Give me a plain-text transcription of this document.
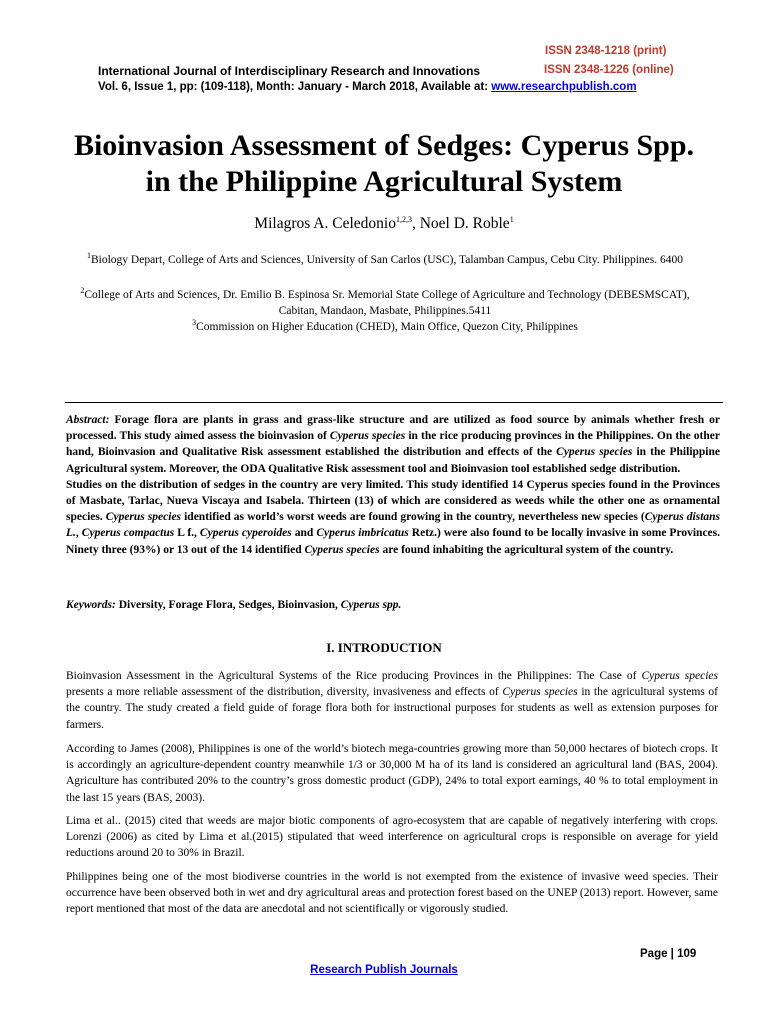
ISSN 2348-1218 (print)
International Journal of Interdisciplinary Research and Innovations	ISSN 2348-1226 (online)
Vol. 6, Issue 1, pp: (109-118), Month: January - March 2018, Available at: www.researchpublish.com
Bioinvasion Assessment of Sedges: Cyperus Spp.
in the Philippine Agricultural System
Milagros A. Celedonio$^{1,2,3}$, Noel D. Roble$^1$
$^1$Biology Depart, College of Arts and Sciences, University of San Carlos (USC), Talamban Campus, Cebu City. Philippines. 6400
$^2$College of Arts and Sciences, Dr. Emilio B. Espinosa Sr. Memorial State College of Agriculture and Technology (DEBESMSCAT), Cabitan, Mandaon, Masbate, Philippines.5411
$^3$Commission on Higher Education (CHED), Main Office, Quezon City, Philippines

Abstract: Forage flora are plants in grass and grass-like structure and are utilized as food source by animals whether fresh or processed. This study aimed assess the bioinvasion of Cyperus species in the rice producing provinces in the Philippines. On the other hand, Bioinvasion and Qualitative Risk assessment established the distribution and effects of the Cyperus species in the Philippine Agricultural system. Moreover, the ODA Qualitative Risk assessment tool and Bioinvasion tool established sedge distribution.

Studies on the distribution of sedges in the country are very limited. This study identified 14 Cyperus species found in the Provinces of Masbate, Tarlac, Nueva Viscaya and Isabela. Thirteen (13) of which are considered as weeds while the other one as ornamental species. Cyperus species identified as world’s worst weeds are found growing in the country, nevertheless new species (Cyperus distans L., Cyperus compactus L f., Cyperus cyperoides and Cyperus imbricatus Retz.) were also found to be locally invasive in some Provinces. Ninety three (93%) or 13 out of the 14 identified Cyperus species are found inhabiting the agricultural system of the country.

Keywords: Diversity, Forage Flora, Sedges, Bioinvasion, Cyperus spp.

I. INTRODUCTION

Bioinvasion Assessment in the Agricultural Systems of the Rice producing Provinces in the Philippines: The Case of Cyperus species presents a more reliable assessment of the distribution, diversity, invasiveness and effects of Cyperus species in the agricultural systems of the country. The study created a field guide of forage flora both for instructional purposes for students as well as extension purposes for farmers.

According to James (2008), Philippines is one of the world’s biotech mega-countries growing more than 50,000 hectares of biotech crops. It is accordingly an agriculture-dependent country meanwhile 1/3 or 30,000 M ha of its land is considered an agricultural land (BAS, 2004). Agriculture has contributed 20% to the country’s gross domestic product (GDP), 24% to total export earnings, 40 % to total employment in the last 15 years (BAS, 2003).

Lima et al.. (2015) cited that weeds are major biotic components of agro-ecosystem that are capable of negatively interfering with crops. Lorenzi (2006) as cited by Lima et al.(2015) stipulated that weed interference on agricultural crops is responsible on average for yield reductions around 20 to 30% in Brazil.

Philippines being one of the most biodiverse countries in the world is not exempted from the existence of invasive weed species. Their occurrence have been observed both in wet and dry agricultural areas and protection forest based on the UNEP (2013) report. However, same report mentioned that most of the data are anecdotal and not scientifically or vigorously studied.

Page | 109
Research Publish Journals
